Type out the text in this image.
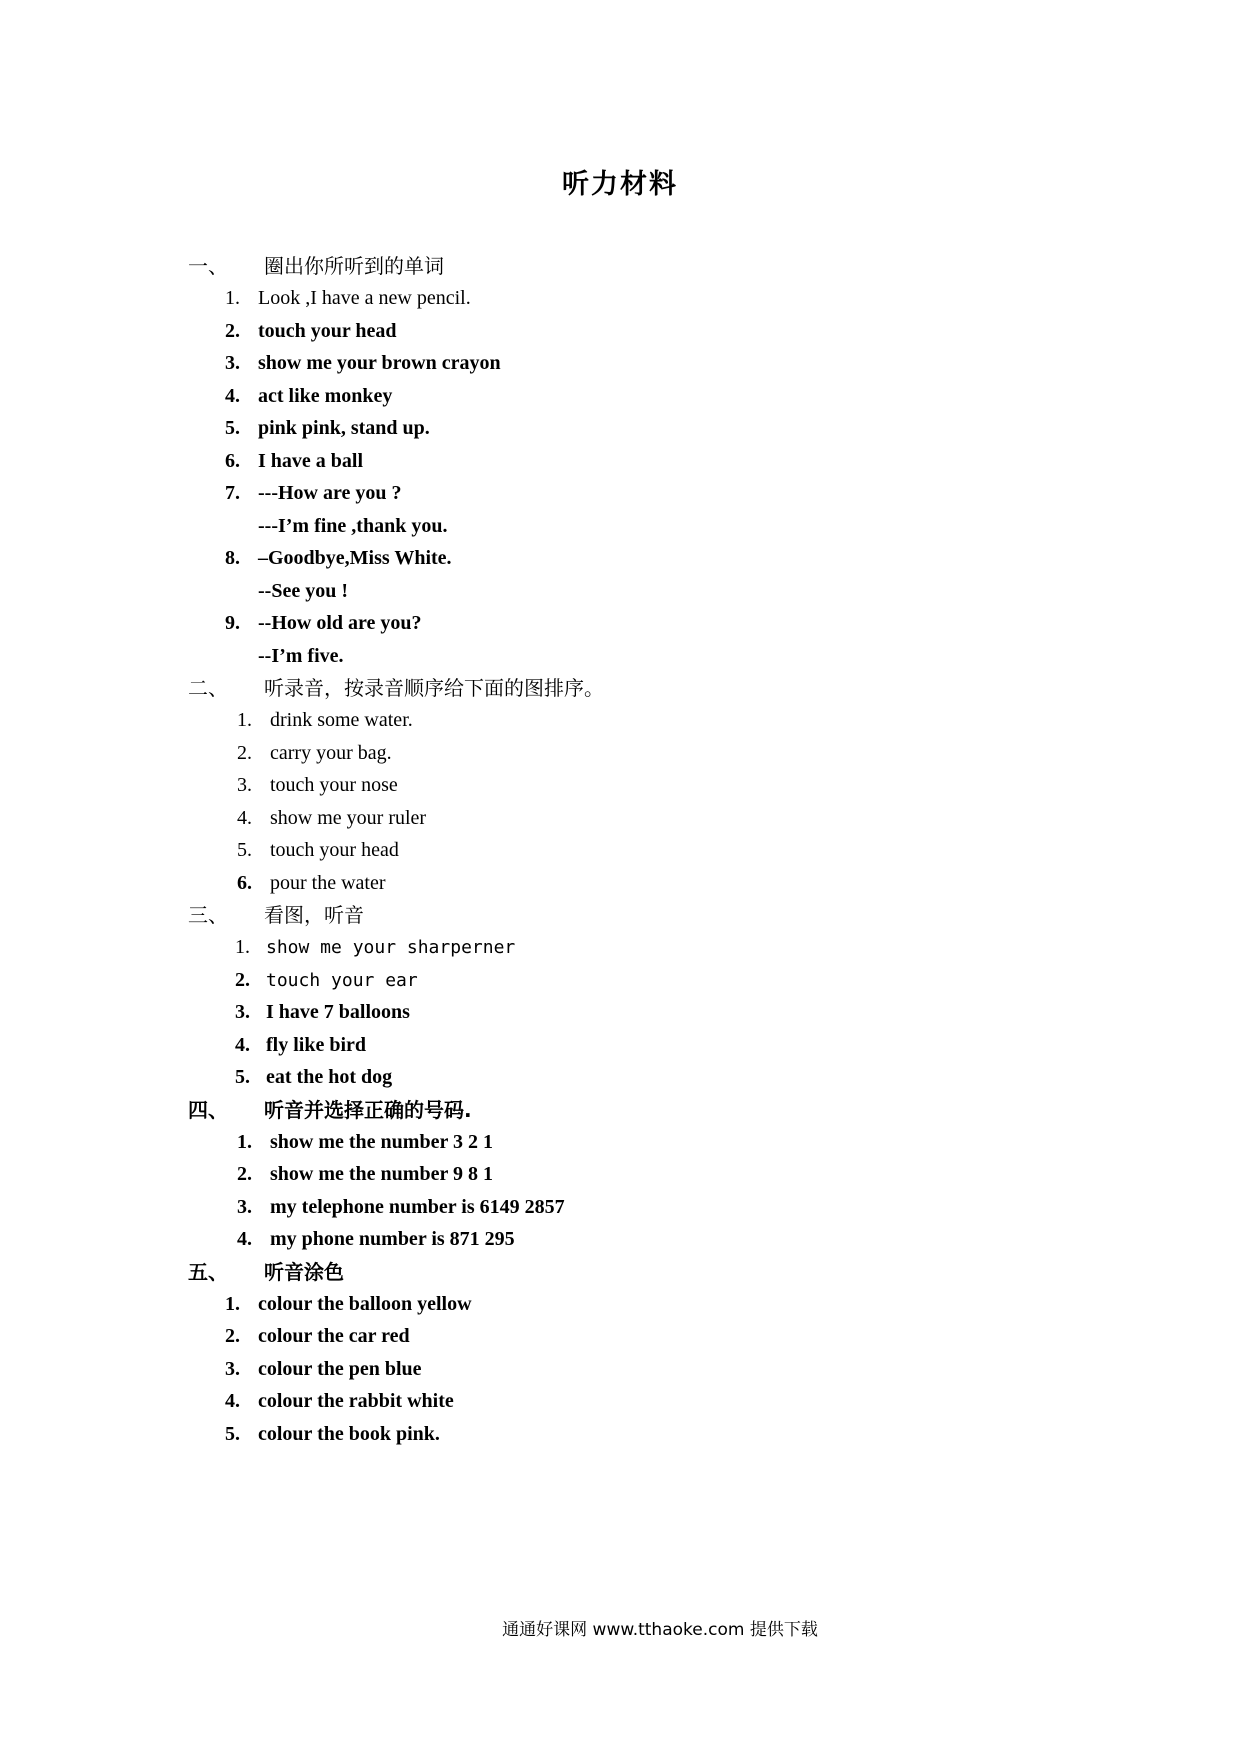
听力材料
一、 圈出你所听到的单词
1. Look ,I have a new pencil.
2. touch your head
3. show me your brown crayon
4. act like monkey
5. pink pink, stand up.
6. I have a ball
7. ---How are you ?
---I’m fine ,thank you.
8. –Goodbye,Miss White.
--See you !
9. --How old are you?
--I’m five.
二、 听录音，按录音顺序给下面的图排序。
1. drink some water.
2. carry your bag.
3. touch your nose
4. show me your ruler
5. touch your head
6. pour the water
三、 看图，听音
1. show me your sharperner
2. touch your ear
3. I have 7 balloons
4. fly like bird
5. eat the hot dog
四、 听音并选择正确的号码.
1. show me the number 3 2 1
2. show me the number 9 8 1
3. my telephone number is 6149 2857
4. my phone number is 871 295
五、 听音涂色
1. colour the balloon yellow
2. colour the car red
3. colour the pen blue
4. colour the rabbit white
5. colour the book pink.
通通好课网 www.tthaoke.com 提供下载
